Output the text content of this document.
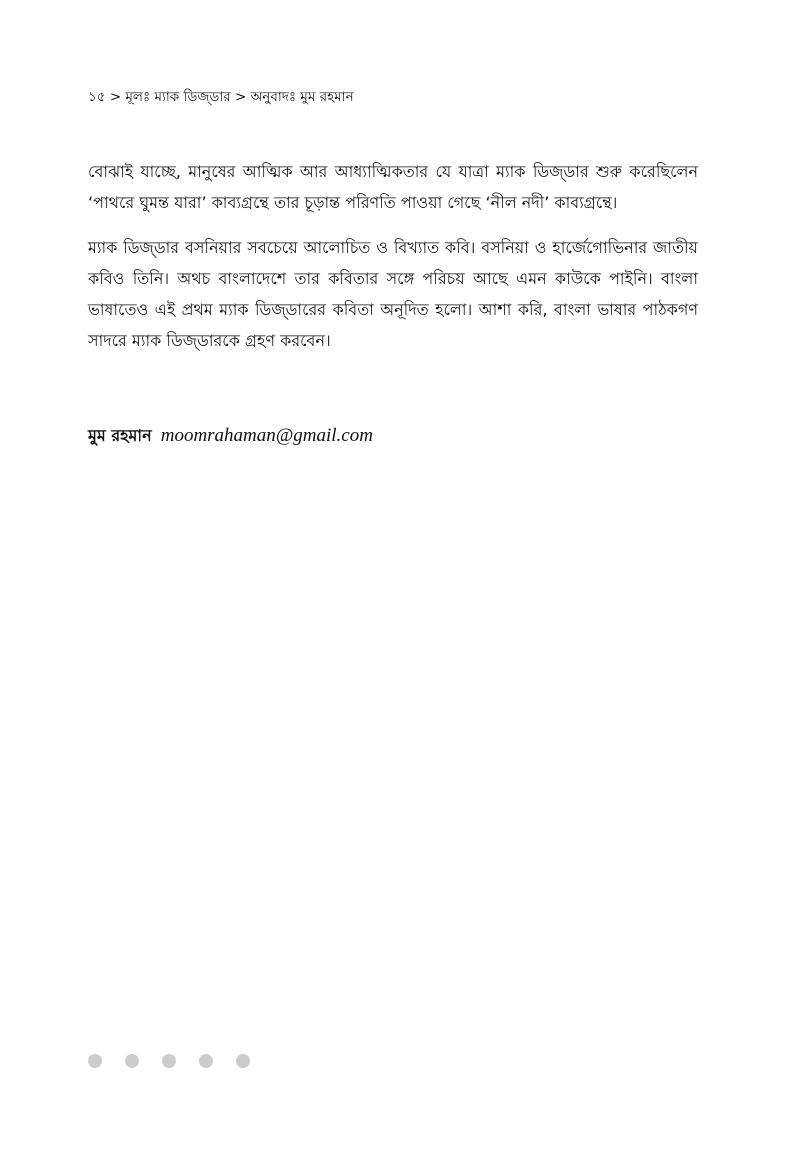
১৫ > মূলঃ ম্যাক ডিজ্ডার > অনুবাদঃ মুম রহমান

বোঝাই যাচ্ছে, মানুষের আত্মিক আর আধ্যাত্মিকতার যে যাত্রা ম্যাক ডিজ্ডার শুরু করেছিলেন ‘পাথরে ঘুমন্ত যারা’ কাব্যগ্রন্থে তার চূড়ান্ত পরিণতি পাওয়া গেছে ‘নীল নদী’ কাব্যগ্রন্থে।

ম্যাক ডিজ্ডার বসনিয়ার সবচেয়ে আলোচিত ও বিখ্যাত কবি। বসনিয়া ও হার্জেগোভিনার জাতীয় কবিও তিনি। অথচ বাংলাদেশে তার কবিতার সঙ্গে পরিচয় আছে এমন কাউকে পাইনি। বাংলা ভাষাতেও এই প্রথম ম্যাক ডিজ্ডারের কবিতা অনূদিত হলো। আশা করি, বাংলা ভাষার পাঠকগণ সাদরে ম্যাক ডিজ্ডারকে গ্রহণ করবেন।

মুম রহমান moomrahaman@gmail.com
